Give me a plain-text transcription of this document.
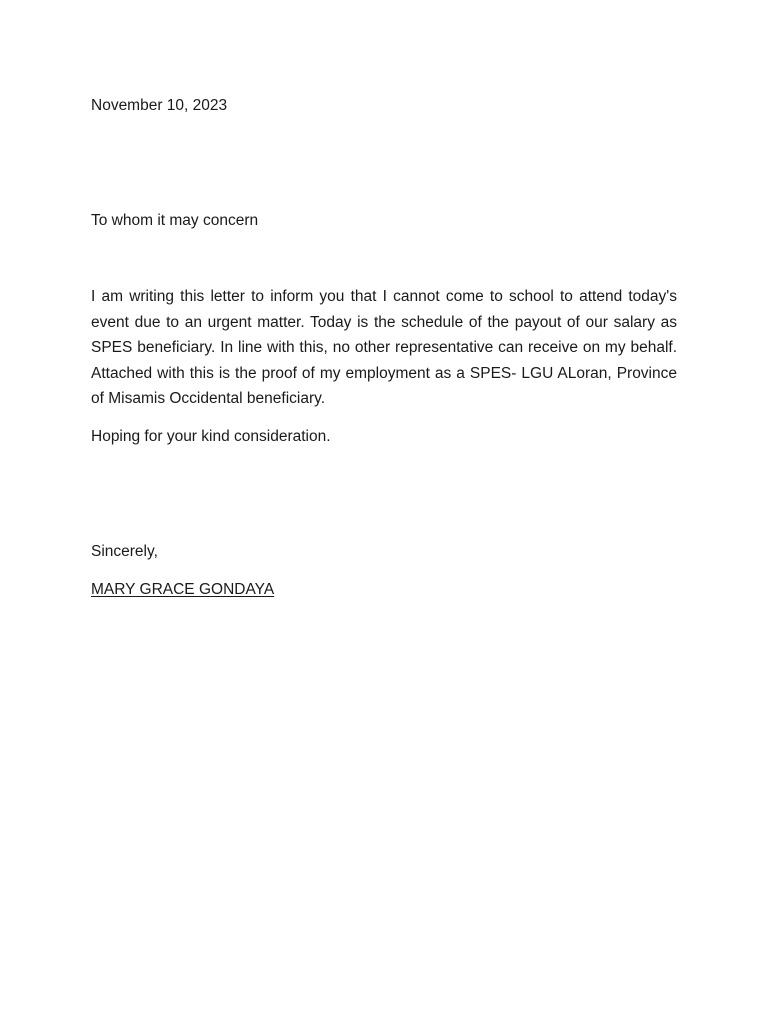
November 10, 2023

To whom it may concern

I am writing this letter to inform you that I cannot come to school to attend today's event due to an urgent matter. Today is the schedule of the payout of our salary as SPES beneficiary. In line with this, no other representative can receive on my behalf. Attached with this is the proof of my employment as a SPES- LGU ALoran, Province of Misamis Occidental beneficiary.

Hoping for your kind consideration.

Sincerely,

MARY GRACE GONDAYA
